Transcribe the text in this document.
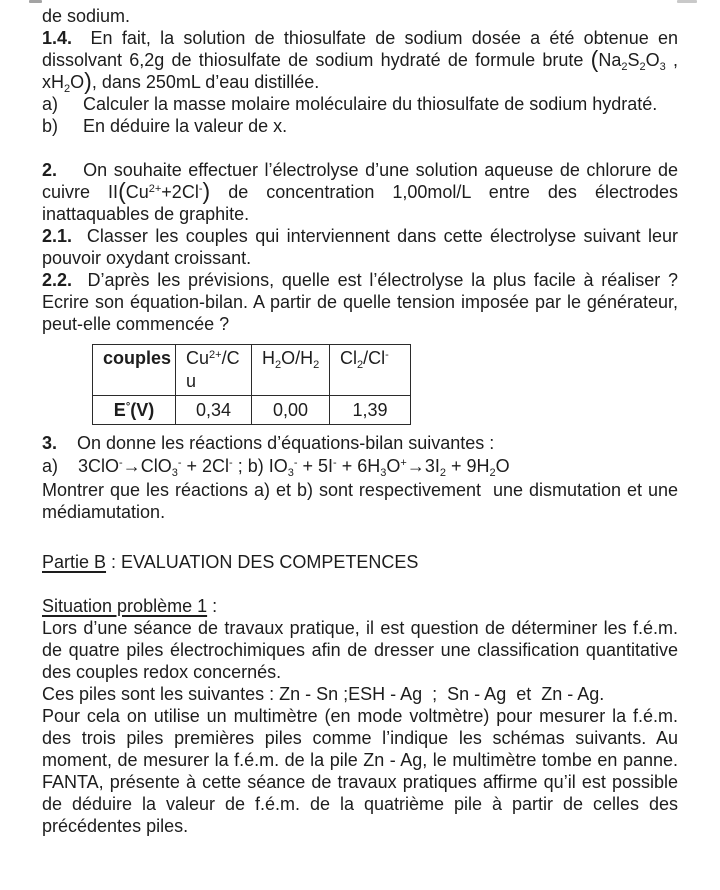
de sodium.

1.4.  En fait, la solution de thiosulfate de sodium dosée a été obtenue en dissolvant 6,2g de thiosulfate de sodium hydraté de formule brute ($Na_2S_2O_3$ , $xH_2O$), dans 250mL d’eau distillée.

a)     Calculer la masse molaire moléculaire du thiosulfate de sodium hydraté.

b)     En déduire la valeur de x.

2.    On souhaite effectuer l’électrolyse d’une solution aqueuse de chlorure de cuivre $II(Cu^{2+}+2Cl^-)$ de concentration 1,00mol/L entre des électrodes inattaquables de graphite.

2.1.  Classer les couples qui interviennent dans cette électrolyse suivant leur pouvoir oxydant croissant.

2.2.  D’après les prévisions, quelle est l’électrolyse la plus facile à réaliser ? Ecrire son équation-bilan. A partir de quelle tension imposée par le générateur, peut-elle commencée ?

couples	$Cu^{2+}/Cu$	$H_2O/H_2$	$Cl_2/Cl^-$
E°(V)	0,34	0,00	1,39

3.    On donne les réactions d’équations-bilan suivantes :

a)    3ClO-→ClO$_3$- + 2Cl- ; b) $IO_3^- + 5I^- + 6H_3O^+\to 3I_2 + 9H_2O$

Montrer que les réactions a) et b) sont respectivement  une dismutation et une médiamutation.

Partie B : EVALUATION DES COMPETENCES

Situation problème 1 :

Lors d’une séance de travaux pratique, il est question de déterminer les f.é.m. de quatre piles électrochimiques afin de dresser une classification quantitative des couples redox concernés.

Ces piles sont les suivantes : Zn - Sn ;ESH - Ag  ;  Sn - Ag  et  Zn - Ag.

Pour cela on utilise un multimètre (en mode voltmètre) pour mesurer la f.é.m. des trois piles premières piles comme l’indique les schémas suivants. Au moment, de mesurer la f.é.m. de la pile Zn - Ag, le multimètre tombe en panne. FANTA, présente à cette séance de travaux pratiques affirme qu’il est possible de déduire la valeur de f.é.m. de la quatrième pile à partir de celles des précédentes piles.
